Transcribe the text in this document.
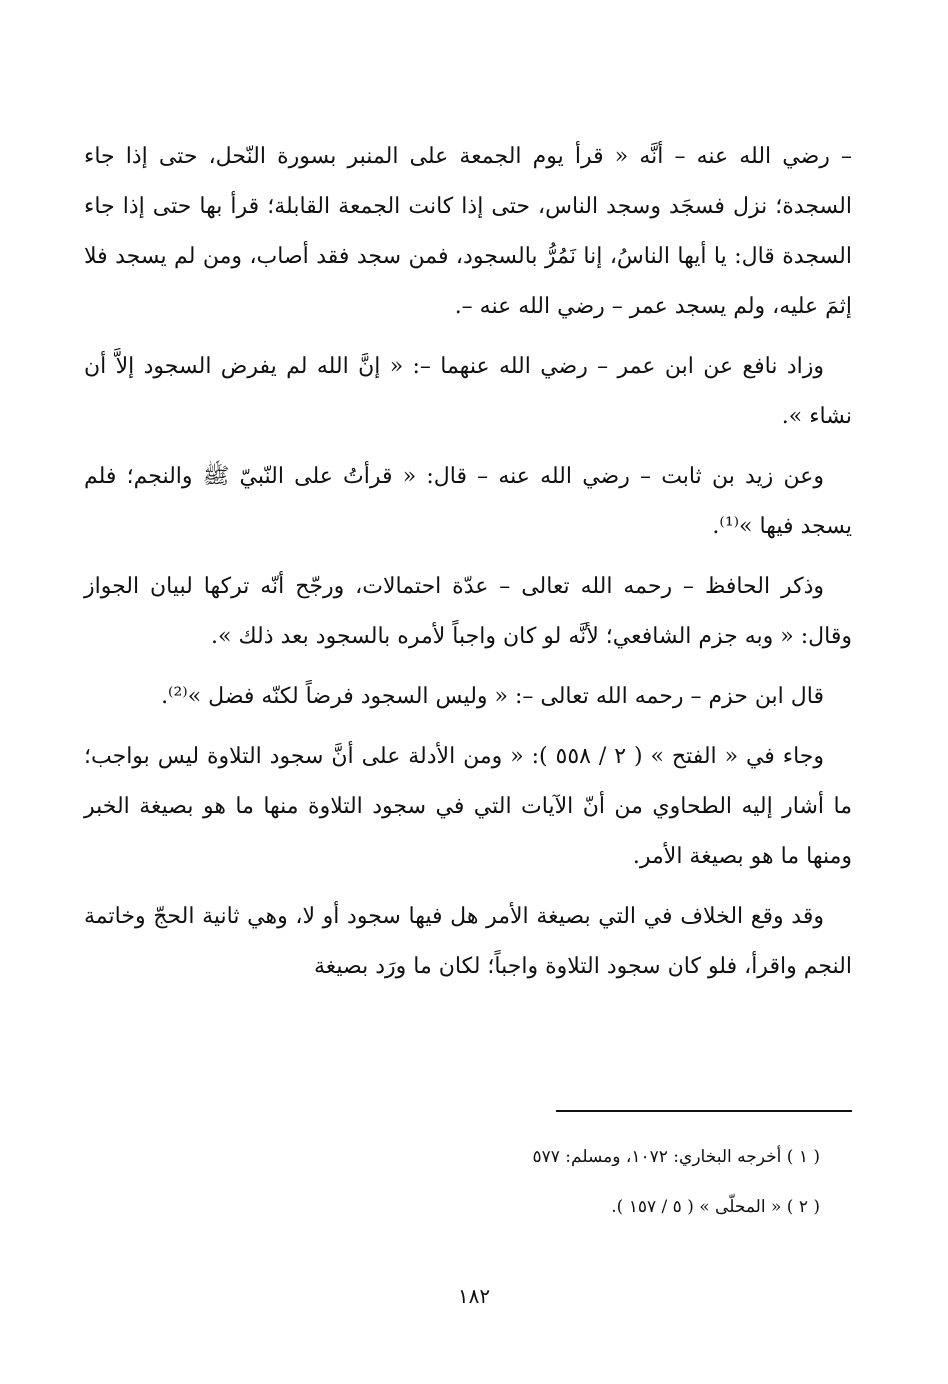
– رضي الله عنه – أنَّه « قرأ يوم الجمعة على المنبر بسورة النّحل، حتى إذا جاء السجدة؛ نزل فسجَد وسجد الناس، حتى إذا كانت الجمعة القابلة؛ قرأ بها حتى إذا جاء السجدة قال: يا أيها الناسُ، إنا نَمُرُّ بالسجود، فمن سجد فقد أصاب، ومن لم يسجد فلا إثمَ عليه، ولم يسجد عمر – رضي الله عنه –.

وزاد نافع عن ابن عمر – رضي الله عنهما –: « إنَّ الله لم يفرض السجود إلاَّ أن نشاء ».

وعن زيد بن ثابت – رضي الله عنه – قال: « قرأتُ على النّبيّ ﷺ والنجم؛ فلم يسجد فيها »⁽¹⁾.

وذكر الحافظ – رحمه الله تعالى – عدّة احتمالات، ورجّح أنّه تركها لبيان الجواز وقال: « وبه جزم الشافعي؛ لأنَّه لو كان واجباً لأمره بالسجود بعد ذلك ».

قال ابن حزم – رحمه الله تعالى –: « وليس السجود فرضاً لكنّه فضل »⁽²⁾.

وجاء في « الفتح » ( ٢ / ٥٥٨ ): « ومن الأدلة على أنَّ سجود التلاوة ليس بواجب؛ ما أشار إليه الطحاوي من أنّ الآيات التي في سجود التلاوة منها ما هو بصيغة الخبر ومنها ما هو بصيغة الأمر.

وقد وقع الخلاف في التي بصيغة الأمر هل فيها سجود أو لا، وهي ثانية الحجّ وخاتمة النجم واقرأ، فلو كان سجود التلاوة واجباً؛ لكان ما ورَد بصيغة

( ١ ) أخرجه البخاري: ١٠٧٢، ومسلم: ٥٧٧
( ٢ ) « المحلّى » ( ٥ / ١٥٧ ).
١٨٢
